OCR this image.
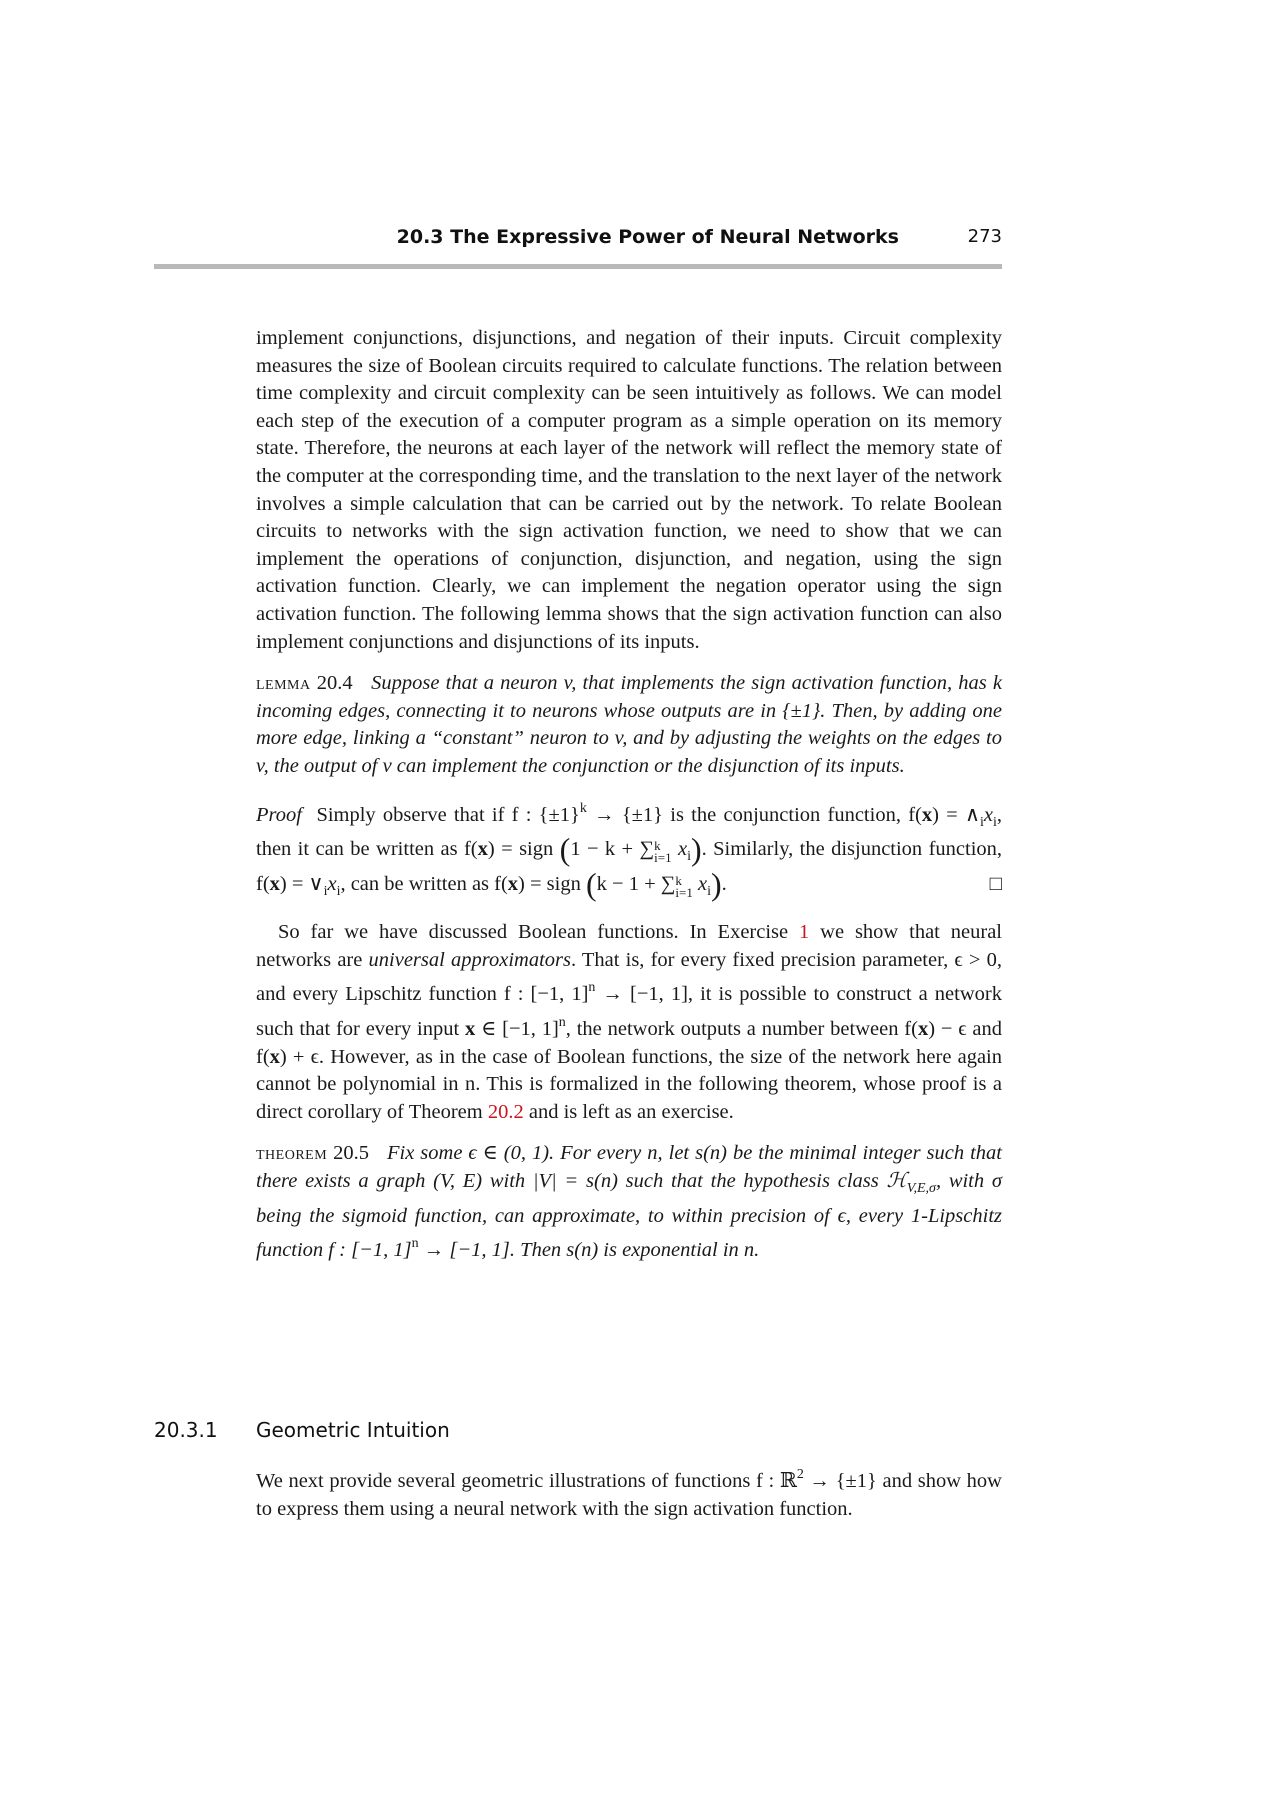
20.3 The Expressive Power of Neural Networks	273

implement conjunctions, disjunctions, and negation of their inputs. Circuit complexity measures the size of Boolean circuits required to calculate functions. The relation between time complexity and circuit complexity can be seen intuitively as follows. We can model each step of the execution of a computer program as a simple operation on its memory state. Therefore, the neurons at each layer of the network will reflect the memory state of the computer at the corresponding time, and the translation to the next layer of the network involves a simple calculation that can be carried out by the network. To relate Boolean circuits to networks with the sign activation function, we need to show that we can implement the operations of conjunction, disjunction, and negation, using the sign activation function. Clearly, we can implement the negation operator using the sign activation function. The following lemma shows that the sign activation function can also implement conjunctions and disjunctions of its inputs.

lemma 20.4 Suppose that a neuron v, that implements the sign activation function, has k incoming edges, connecting it to neurons whose outputs are in {±1}. Then, by adding one more edge, linking a “constant” neuron to v, and by adjusting the weights on the edges to v, the output of v can implement the conjunction or the disjunction of its inputs.

Proof Simply observe that if f : $\{\pm 1\}^k \to \{\pm 1\}$ is the conjunction function, $f(x) = \wedge_ix_i$, then it can be written as f(x) = sign (1 − k + ∑k
i=1 $x_i$). Similarly, the disjunction function, $f(x) = \vee_ix_i$, can be written as f(x) = sign (k − 1 + ∑k
i=1 $x_i$).	□

So far we have discussed Boolean functions. In Exercise 1 we show that neural networks are universal approximators. That is, for every fixed precision parameter, ϵ > 0, and every Lipschitz function f : [−1, 1]$^n$ → [−1, 1], it is possible to construct a network such that for every input x ∈ [−1, 1]$^n$, the network outputs a number between f(x) − ϵ and f(x) + ϵ. However, as in the case of Boolean functions, the size of the network here again cannot be polynomial in n. This is formalized in the following theorem, whose proof is a direct corollary of Theorem 20.2 and is left as an exercise.

theorem 20.5 Fix some ϵ ∈ (0, 1). For every n, let s(n) be the minimal integer such that there exists a graph (V, E) with |V| = s(n) such that the hypothesis class ℋ$_{V,E,\sigma}$, with σ being the sigmoid function, can approximate, to within precision of ϵ, every 1-Lipschitz function f : [−1, 1]$^n$ → [−1, 1]. Then s(n) is exponential in n.

20.3.1 Geometric Intuition

We next provide several geometric illustrations of functions f : ℝ$^2$ → {±1} and show how to express them using a neural network with the sign activation function.
